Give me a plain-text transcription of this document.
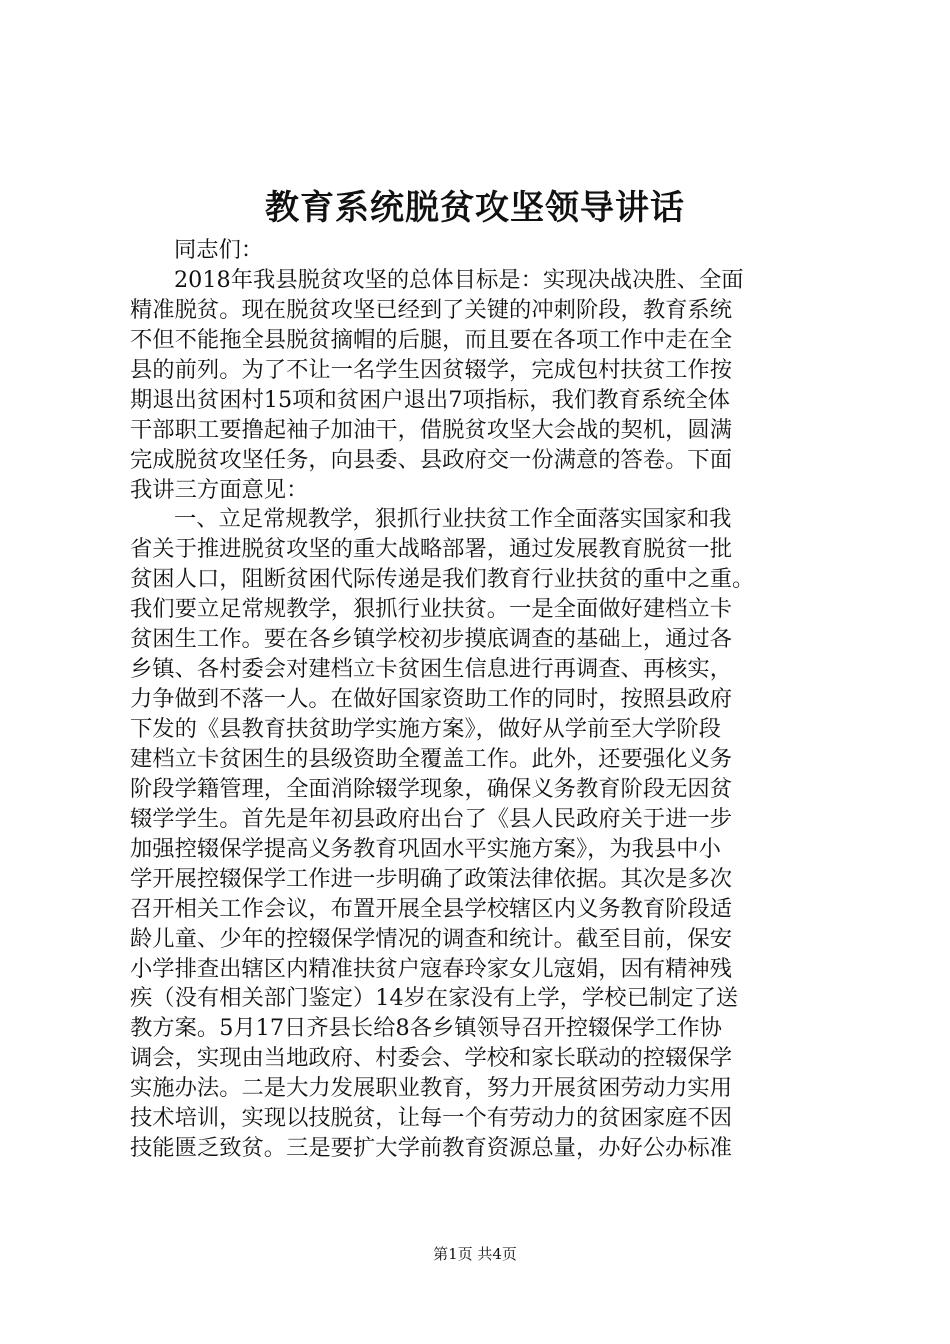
教育系统脱贫攻坚领导讲话
同志们：
2018年我县脱贫攻坚的总体目标是：实现决战决胜、全面
精准脱贫。现在脱贫攻坚已经到了关键的冲刺阶段，教育系统
不但不能拖全县脱贫摘帽的后腿，而且要在各项工作中走在全
县的前列。为了不让一名学生因贫辍学，完成包村扶贫工作按
期退出贫困村15项和贫困户退出7项指标，我们教育系统全体
干部职工要撸起袖子加油干，借脱贫攻坚大会战的契机，圆满
完成脱贫攻坚任务，向县委、县政府交一份满意的答卷。下面
我讲三方面意见：
一、立足常规教学，狠抓行业扶贫工作全面落实国家和我
省关于推进脱贫攻坚的重大战略部署，通过发展教育脱贫一批
贫困人口，阻断贫困代际传递是我们教育行业扶贫的重中之重。
我们要立足常规教学，狠抓行业扶贫。一是全面做好建档立卡
贫困生工作。要在各乡镇学校初步摸底调查的基础上，通过各
乡镇、各村委会对建档立卡贫困生信息进行再调查、再核实，
力争做到不落一人。在做好国家资助工作的同时，按照县政府
下发的《县教育扶贫助学实施方案》，做好从学前至大学阶段
建档立卡贫困生的县级资助全覆盖工作。此外，还要强化义务
阶段学籍管理，全面消除辍学现象，确保义务教育阶段无因贫
辍学学生。首先是年初县政府出台了《县人民政府关于进一步
加强控辍保学提高义务教育巩固水平实施方案》，为我县中小
学开展控辍保学工作进一步明确了政策法律依据。其次是多次
召开相关工作会议，布置开展全县学校辖区内义务教育阶段适
龄儿童、少年的控辍保学情况的调查和统计。截至目前，保安
小学排查出辖区内精准扶贫户寇春玲家女儿寇娟，因有精神残
疾（没有相关部门鉴定）14岁在家没有上学，学校已制定了送
教方案。5月17日齐县长给8各乡镇领导召开控辍保学工作协
调会，实现由当地政府、村委会、学校和家长联动的控辍保学
实施办法。二是大力发展职业教育，努力开展贫困劳动力实用
技术培训，实现以技脱贫，让每一个有劳动力的贫困家庭不因
技能匮乏致贫。三是要扩大学前教育资源总量，办好公办标准
第1页 共4页
